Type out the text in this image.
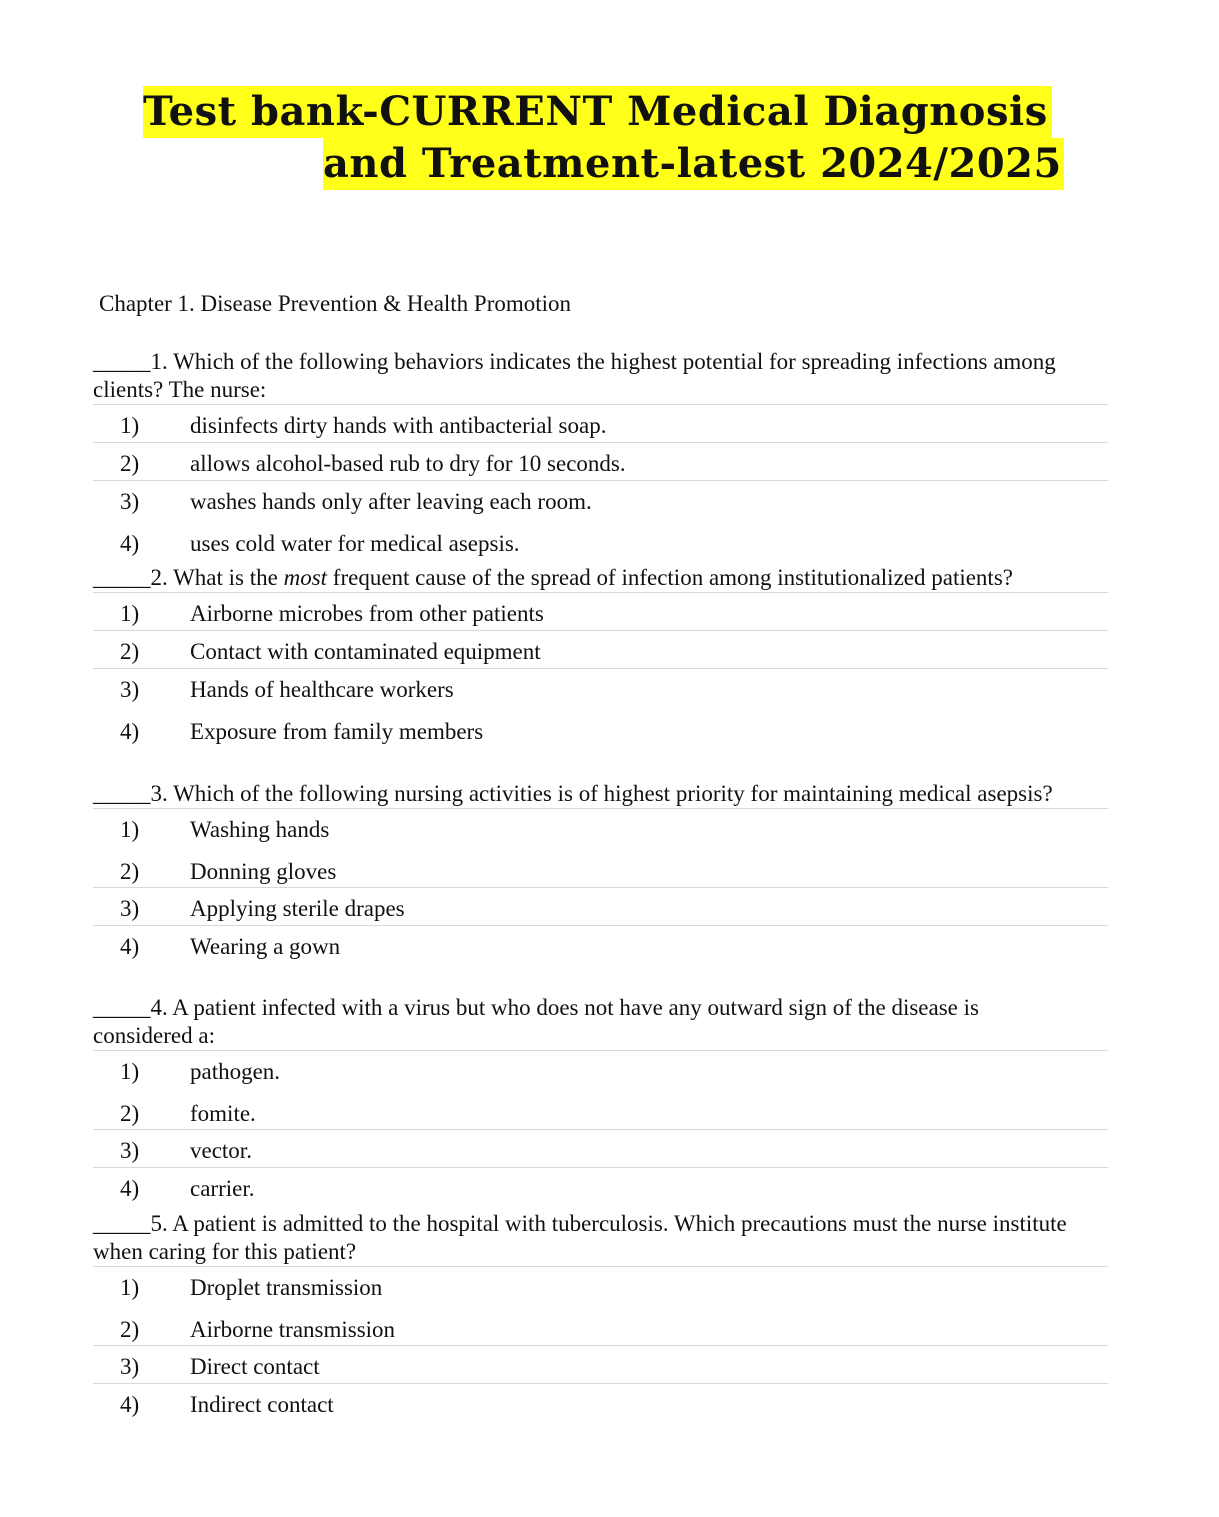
Test bank-CURRENT Medical Diagnosis
and Treatment-latest 2024/2025
Chapter 1. Disease Prevention & Health Promotion

_____1. Which of the following behaviors indicates the highest potential for spreading infections among clients? The nurse:

1) disinfects dirty hands with antibacterial soap.
2) allows alcohol-based rub to dry for 10 seconds.
3) washes hands only after leaving each room.
4) uses cold water for medical asepsis.

_____2. What is the most frequent cause of the spread of infection among institutionalized patients?

1) Airborne microbes from other patients
2) Contact with contaminated equipment
3) Hands of healthcare workers
4) Exposure from family members

_____3. Which of the following nursing activities is of highest priority for maintaining medical asepsis?

1) Washing hands
2) Donning gloves
3) Applying sterile drapes
4) Wearing a gown

_____4. A patient infected with a virus but who does not have any outward sign of the disease is considered a:

1) pathogen.
2) fomite.
3) vector.
4) carrier.

_____5. A patient is admitted to the hospital with tuberculosis. Which precautions must the nurse institute when caring for this patient?

1) Droplet transmission
2) Airborne transmission
3) Direct contact
4) Indirect contact
